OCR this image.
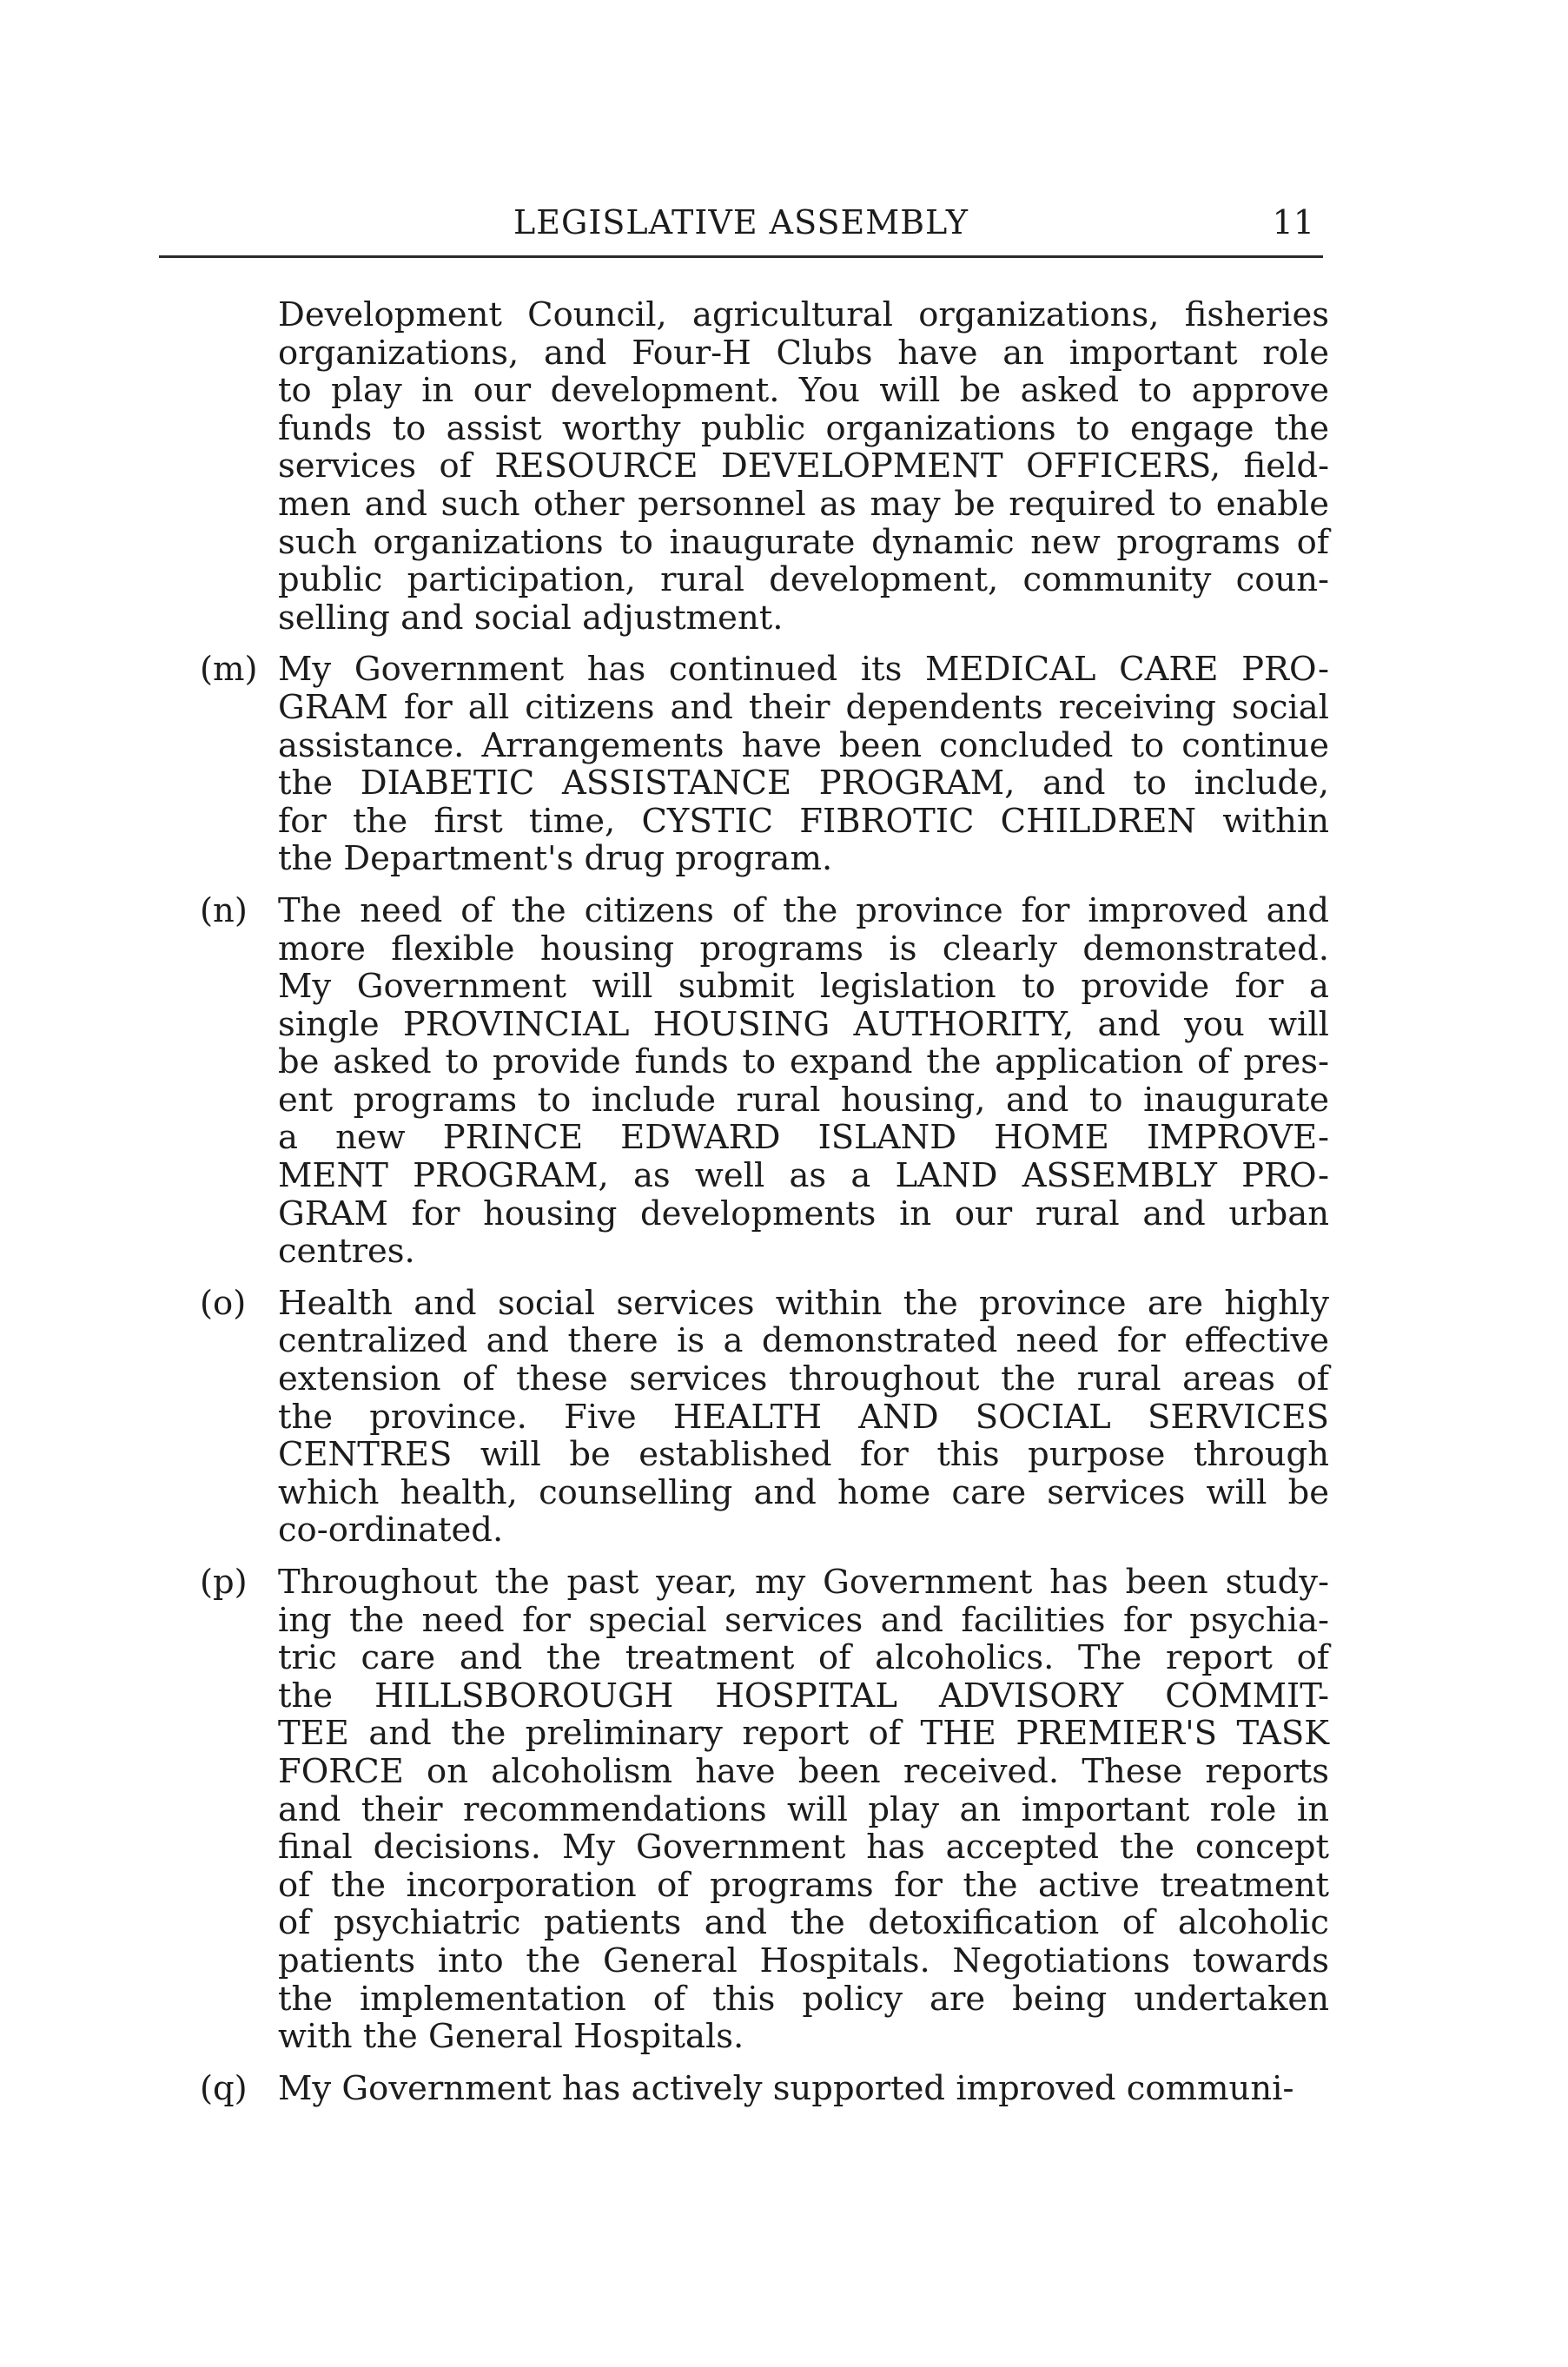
LEGISLATIVE ASSEMBLY	11
Development Council, agricultural organizations, fisheries
organizations, and Four-H Clubs have an important role
to play in our development. You will be asked to approve
funds to assist worthy public organizations to engage the
services of RESOURCE DEVELOPMENT OFFICERS, field-
men and such other personnel as may be required to enable
such organizations to inaugurate dynamic new programs of
public participation, rural development, community coun-
selling and social adjustment.
(m) My Government has continued its MEDICAL CARE PRO-
GRAM for all citizens and their dependents receiving social
assistance. Arrangements have been concluded to continue
the DIABETIC ASSISTANCE PROGRAM, and to include,
for the first time, CYSTIC FIBROTIC CHILDREN within
the Department's drug program.
(n) The need of the citizens of the province for improved and
more flexible housing programs is clearly demonstrated.
My Government will submit legislation to provide for a
single PROVINCIAL HOUSING AUTHORITY, and you will
be asked to provide funds to expand the application of pres-
ent programs to include rural housing, and to inaugurate
a new PRINCE EDWARD ISLAND HOME IMPROVE-
MENT PROGRAM, as well as a LAND ASSEMBLY PRO-
GRAM for housing developments in our rural and urban
centres.
(o) Health and social services within the province are highly
centralized and there is a demonstrated need for effective
extension of these services throughout the rural areas of
the province. Five HEALTH AND SOCIAL SERVICES
CENTRES will be established for this purpose through
which health, counselling and home care services will be
co-ordinated.
(p) Throughout the past year, my Government has been study-
ing the need for special services and facilities for psychia-
tric care and the treatment of alcoholics. The report of
the HILLSBOROUGH HOSPITAL ADVISORY COMMIT-
TEE and the preliminary report of THE PREMIER'S TASK
FORCE on alcoholism have been received. These reports
and their recommendations will play an important role in
final decisions. My Government has accepted the concept
of the incorporation of programs for the active treatment
of psychiatric patients and the detoxification of alcoholic
patients into the General Hospitals. Negotiations towards
the implementation of this policy are being undertaken
with the General Hospitals.
(q) My Government has actively supported improved communi-
